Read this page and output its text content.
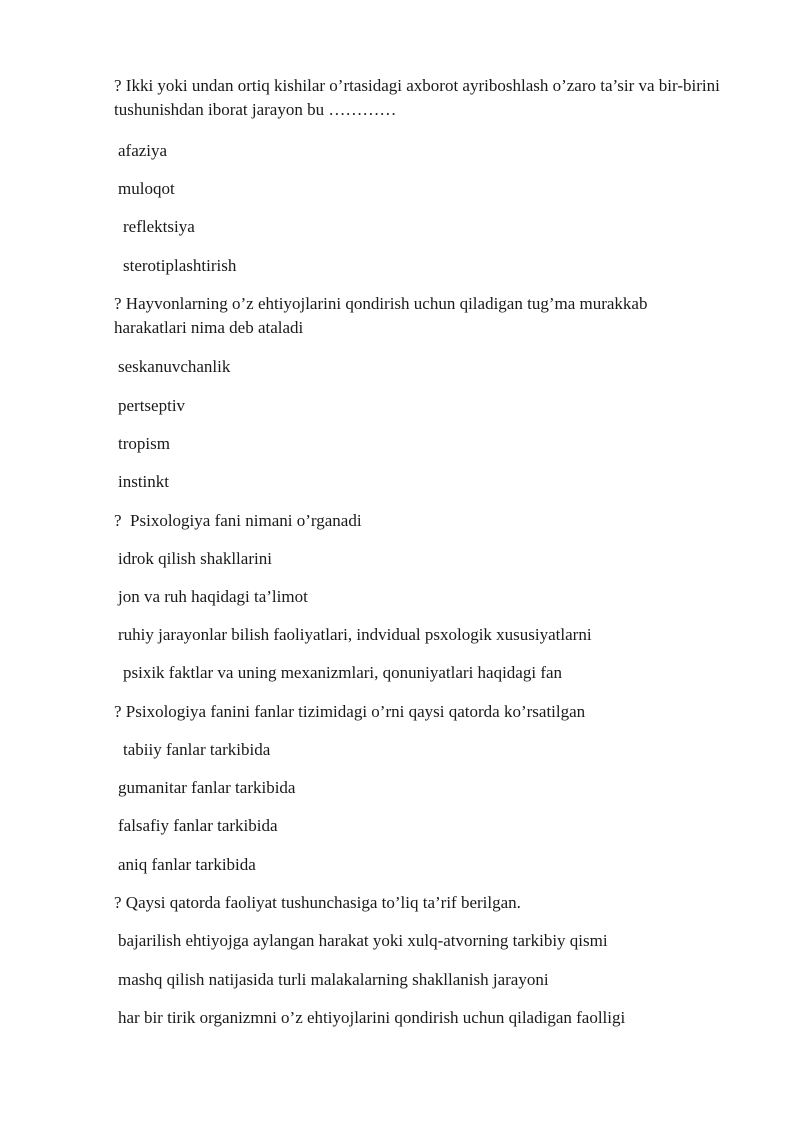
? Ikki yoki undan ortiq kishilar o’rtasidagi axborot ayriboshlash o’zaro ta’sir va bir-birini tushunishdan iborat jarayon bu …………
afaziya
muloqot
reflektsiya
sterotiplashtirish
? Hayvonlarning o’z ehtiyojlarini qondirish uchun qiladigan tug’ma murakkab harakatlari nima deb ataladi
seskanuvchanlik
pertseptiv
tropism
instinkt
?  Psixologiya fani nimani o’rganadi
idrok qilish shakllarini
jon va ruh haqidagi ta’limot
ruhiy jarayonlar bilish faoliyatlari, indvidual psxologik xususiyatlarni
psixik faktlar va uning mexanizmlari, qonuniyatlari haqidagi fan
? Psixologiya fanini fanlar tizimidagi o’rni qaysi qatorda ko’rsatilgan
tabiiy fanlar tarkibida
gumanitar fanlar tarkibida
falsafiy fanlar tarkibida
aniq fanlar tarkibida
? Qaysi qatorda faoliyat tushunchasiga to’liq ta’rif berilgan.
bajarilish ehtiyojga aylangan harakat yoki xulq-atvorning tarkibiy qismi
mashq qilish natijasida turli malakalarning shakllanish jarayoni
har bir tirik organizmni o’z ehtiyojlarini qondirish uchun qiladigan faolligi
